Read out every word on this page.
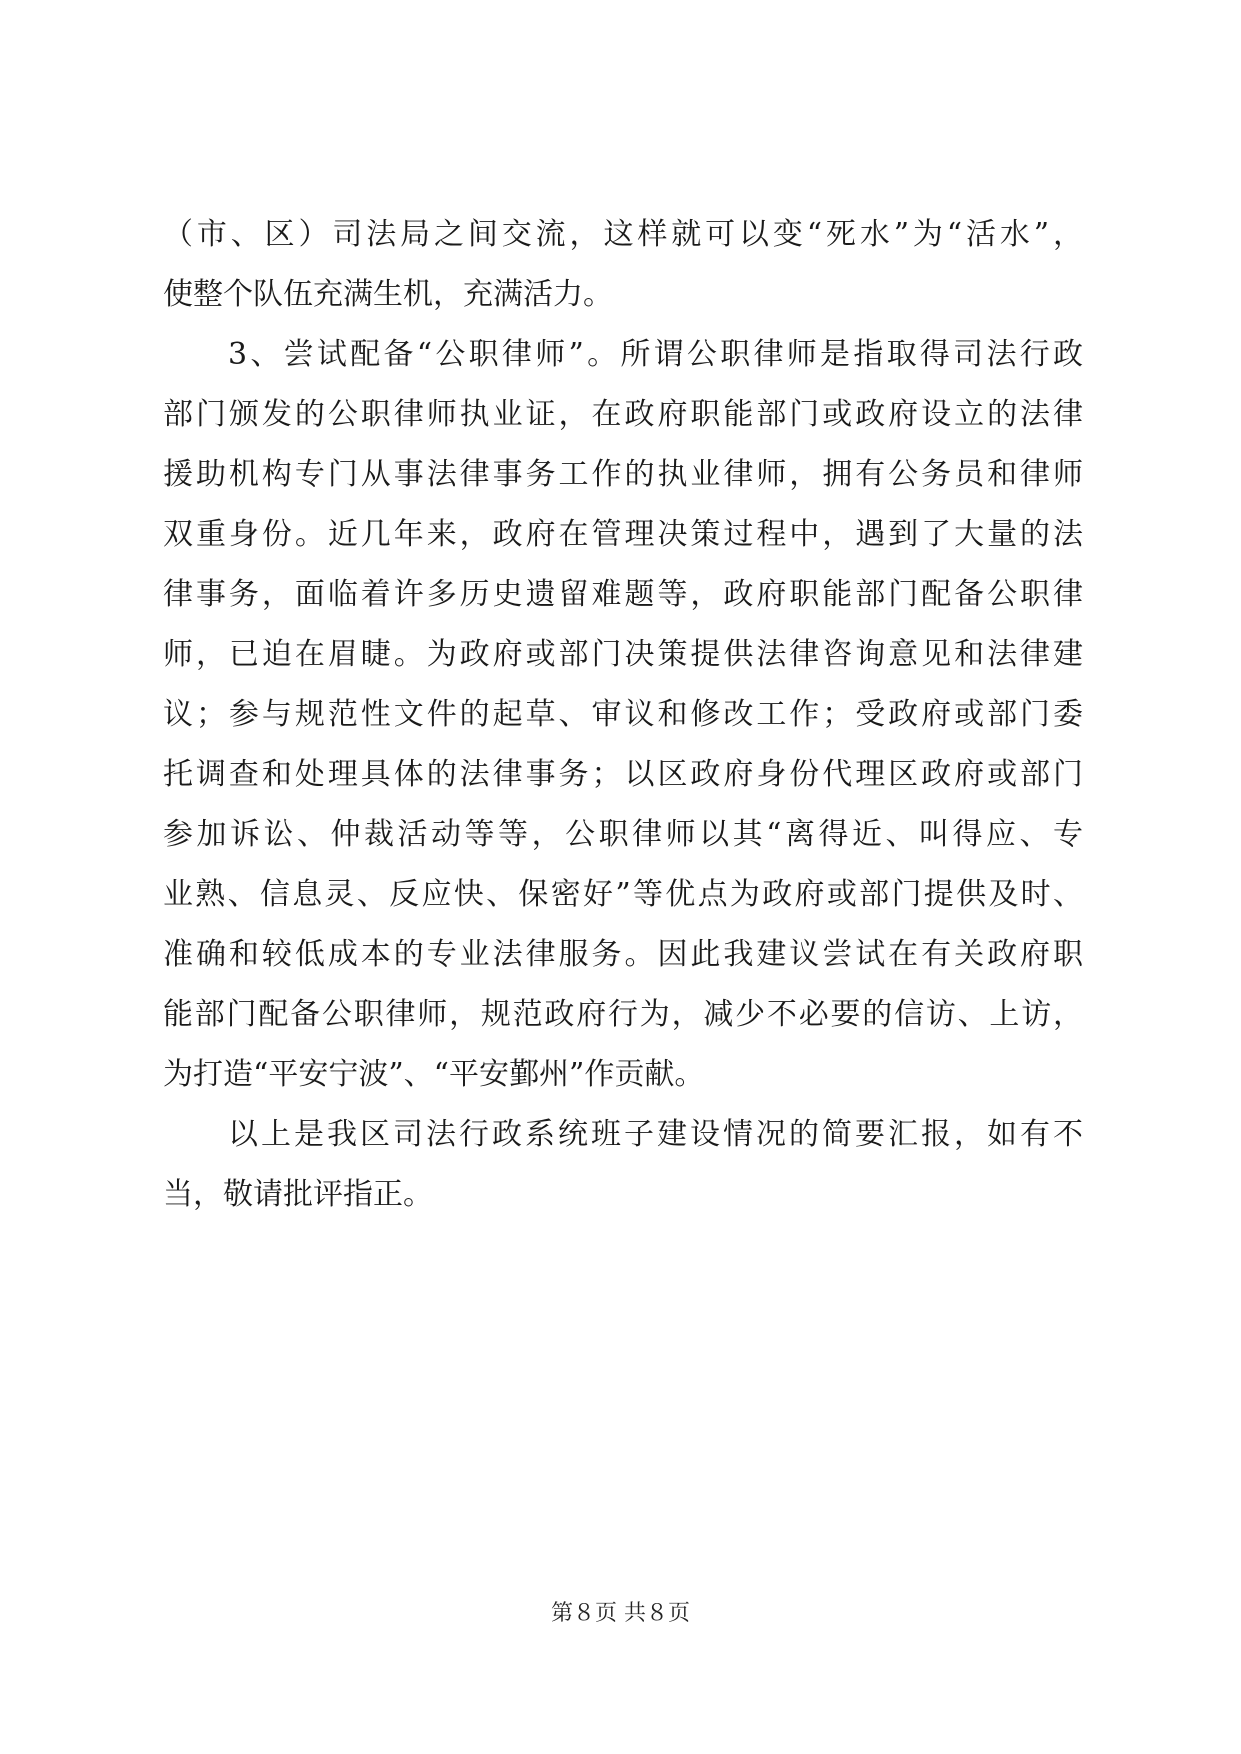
（市、区）司法局之间交流，这样就可以变“死水”为“活水”，
使整个队伍充满生机，充满活力。
3、尝试配备“公职律师”。所谓公职律师是指取得司法行政
部门颁发的公职律师执业证，在政府职能部门或政府设立的法律
援助机构专门从事法律事务工作的执业律师，拥有公务员和律师
双重身份。近几年来，政府在管理决策过程中，遇到了大量的法
律事务，面临着许多历史遗留难题等，政府职能部门配备公职律
师，已迫在眉睫。为政府或部门决策提供法律咨询意见和法律建
议；参与规范性文件的起草、审议和修改工作；受政府或部门委
托调查和处理具体的法律事务；以区政府身份代理区政府或部门
参加诉讼、仲裁活动等等，公职律师以其“离得近、叫得应、专
业熟、信息灵、反应快、保密好”等优点为政府或部门提供及时、
准确和较低成本的专业法律服务。因此我建议尝试在有关政府职
能部门配备公职律师，规范政府行为，减少不必要的信访、上访，
为打造“平安宁波”、“平安鄞州”作贡献。
以上是我区司法行政系统班子建设情况的简要汇报，如有不
当，敬请批评指正。
第８页 共８页
